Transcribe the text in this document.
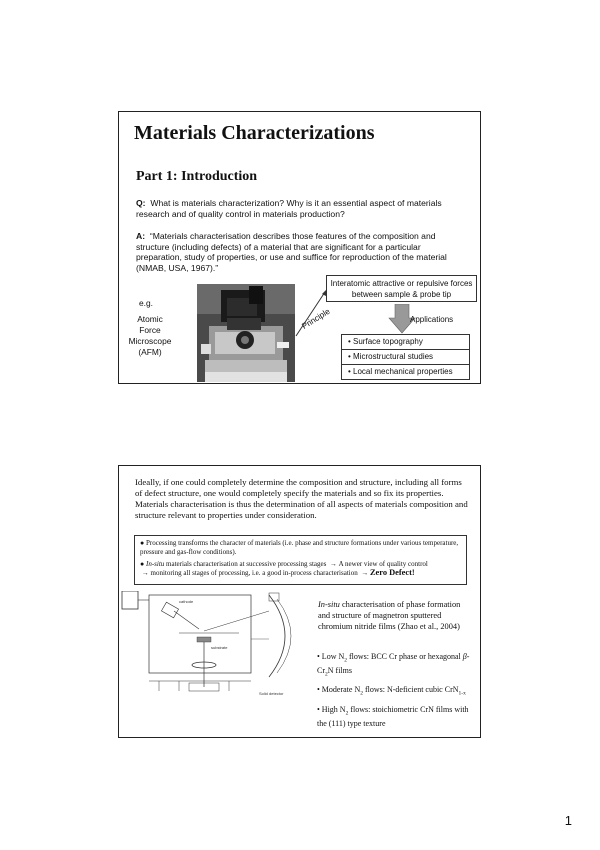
Materials Characterizations
Part 1: Introduction
Q: What is materials characterization? Why is it an essential aspect of materials research and of quality control in materials production?
A: “Materials characterisation describes those features of the composition and structure (including defects) of a material that are significant for a particular preparation, study of properties, or use and suffice for reproduction of the material (NMAB, USA, 1967).”
e.g.
Atomic
Force
Microscope
(AFM)
Interatomic attractive or repulsive forces between sample & probe tip
Principle	Applications
• Surface topography
• Microstructural studies
• Local mechanical properties
Ideally, if one could completely determine the composition and structure, including all forms of defect structure, one would completely specify the materials and so fix its properties. Materials characterisation is thus the determination of all aspects of materials composition and structure relevant to properties under consideration.
● Processing transforms the character of materials (i.e. phase and structure formations under various temperature, pressure and gas-flow conditions).
● In-situ materials characterisation at successive processing stages  → A newer view of quality control  → monitoring all stages of processing, i.e. a good in-process characterisation  → Zero Defect!
cathode
substrate
Solid detector
In-situ characterisation of phase formation and structure of magnetron sputtered chromium nitride films (Zhao et al., 2004)
• Low $N_2$ flows: BCC Cr phase or hexagonal $\beta-Cr_2N$ films
• Moderate $N_2$ flows: N-deficient cubic CrN$_{1-x}$
• High $N_2$ flows: stoichiometric CrN films with the (111) type texture
1
